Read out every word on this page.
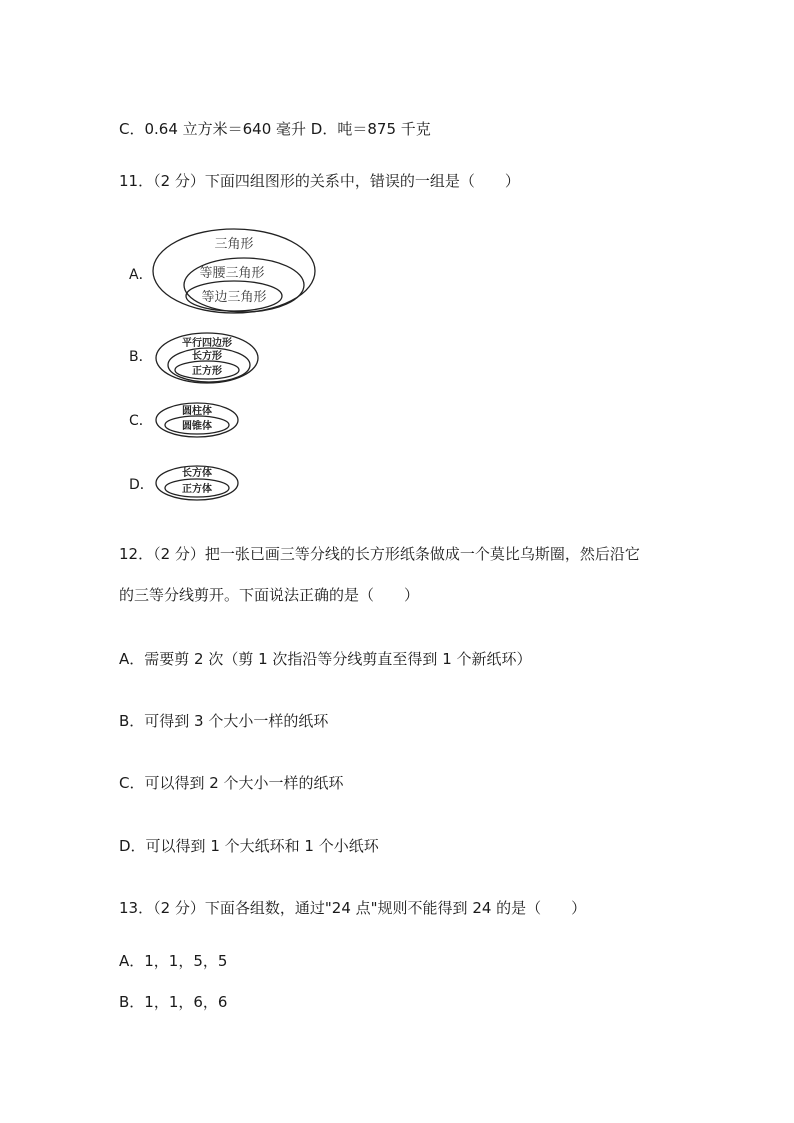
C．0.64 立方米＝640 毫升 D．吨＝875 千克
11．（2 分）下面四组图形的关系中，错误的一组是（　　）
A．
三角形
等腰三角形
等边三角形
B．
平行四边形
长方形
正方形
C．
圆柱体
圆锥体
D．
长方体
正方体
12．（2 分）把一张已画三等分线的长方形纸条做成一个莫比乌斯圈，然后沿它
的三等分线剪开。下面说法正确的是（　　）
A．需要剪 2 次（剪 1 次指沿等分线剪直至得到 1 个新纸环）
B．可得到 3 个大小一样的纸环
C．可以得到 2 个大小一样的纸环
D．可以得到 1 个大纸环和 1 个小纸环
13．（2 分）下面各组数，通过"24 点"规则不能得到 24 的是（　　）
A．1，1，5，5
B．1，1，6，6
